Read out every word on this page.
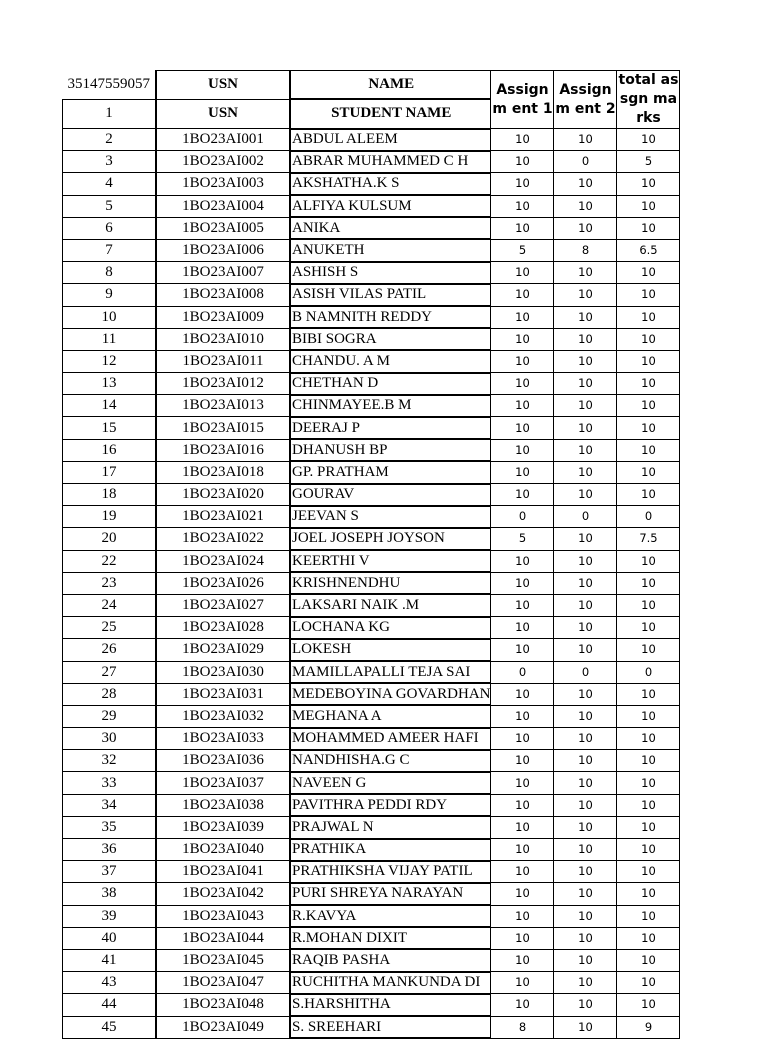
35147559057	USN	NAME	Assignm ent 1	Assignm ent 2	total assgn marks
1	USN	STUDENT NAME			
2	1BO23AI001	ABDUL ALEEM	10	10	10
3	1BO23AI002	ABRAR MUHAMMED C H	10	0	5
4	1BO23AI003	AKSHATHA.K S	10	10	10
5	1BO23AI004	ALFIYA KULSUM	10	10	10
6	1BO23AI005	ANIKA	10	10	10
7	1BO23AI006	ANUKETH	5	8	6.5
8	1BO23AI007	ASHISH S	10	10	10
9	1BO23AI008	ASISH VILAS PATIL	10	10	10
10	1BO23AI009	B NAMNITH REDDY	10	10	10
11	1BO23AI010	BIBI SOGRA	10	10	10
12	1BO23AI011	CHANDU. A M	10	10	10
13	1BO23AI012	CHETHAN D	10	10	10
14	1BO23AI013	CHINMAYEE.B M	10	10	10
15	1BO23AI015	DEERAJ P	10	10	10
16	1BO23AI016	DHANUSH BP	10	10	10
17	1BO23AI018	GP. PRATHAM	10	10	10
18	1BO23AI020	GOURAV	10	10	10
19	1BO23AI021	JEEVAN S	0	0	0
20	1BO23AI022	JOEL JOSEPH JOYSON	5	10	7.5
22	1BO23AI024	KEERTHI V	10	10	10
23	1BO23AI026	KRISHNENDHU	10	10	10
24	1BO23AI027	LAKSARI NAIK .M	10	10	10
25	1BO23AI028	LOCHANA KG	10	10	10
26	1BO23AI029	LOKESH	10	10	10
27	1BO23AI030	MAMILLAPALLI TEJA SAI	0	0	0
28	1BO23AI031	MEDEBOYINA GOVARDHAN	10	10	10
29	1BO23AI032	MEGHANA A	10	10	10
30	1BO23AI033	MOHAMMED AMEER HAFI	10	10	10
32	1BO23AI036	NANDHISHA.G C	10	10	10
33	1BO23AI037	NAVEEN G	10	10	10
34	1BO23AI038	PAVITHRA PEDDI RDY	10	10	10
35	1BO23AI039	PRAJWAL N	10	10	10
36	1BO23AI040	PRATHIKA	10	10	10
37	1BO23AI041	PRATHIKSHA VIJAY PATIL	10	10	10
38	1BO23AI042	PURI SHREYA NARAYAN	10	10	10
39	1BO23AI043	R.KAVYA	10	10	10
40	1BO23AI044	R.MOHAN DIXIT	10	10	10
41	1BO23AI045	RAQIB PASHA	10	10	10
43	1BO23AI047	RUCHITHA MANKUNDA DI	10	10	10
44	1BO23AI048	S.HARSHITHA	10	10	10
45	1BO23AI049	S. SREEHARI	8	10	9
